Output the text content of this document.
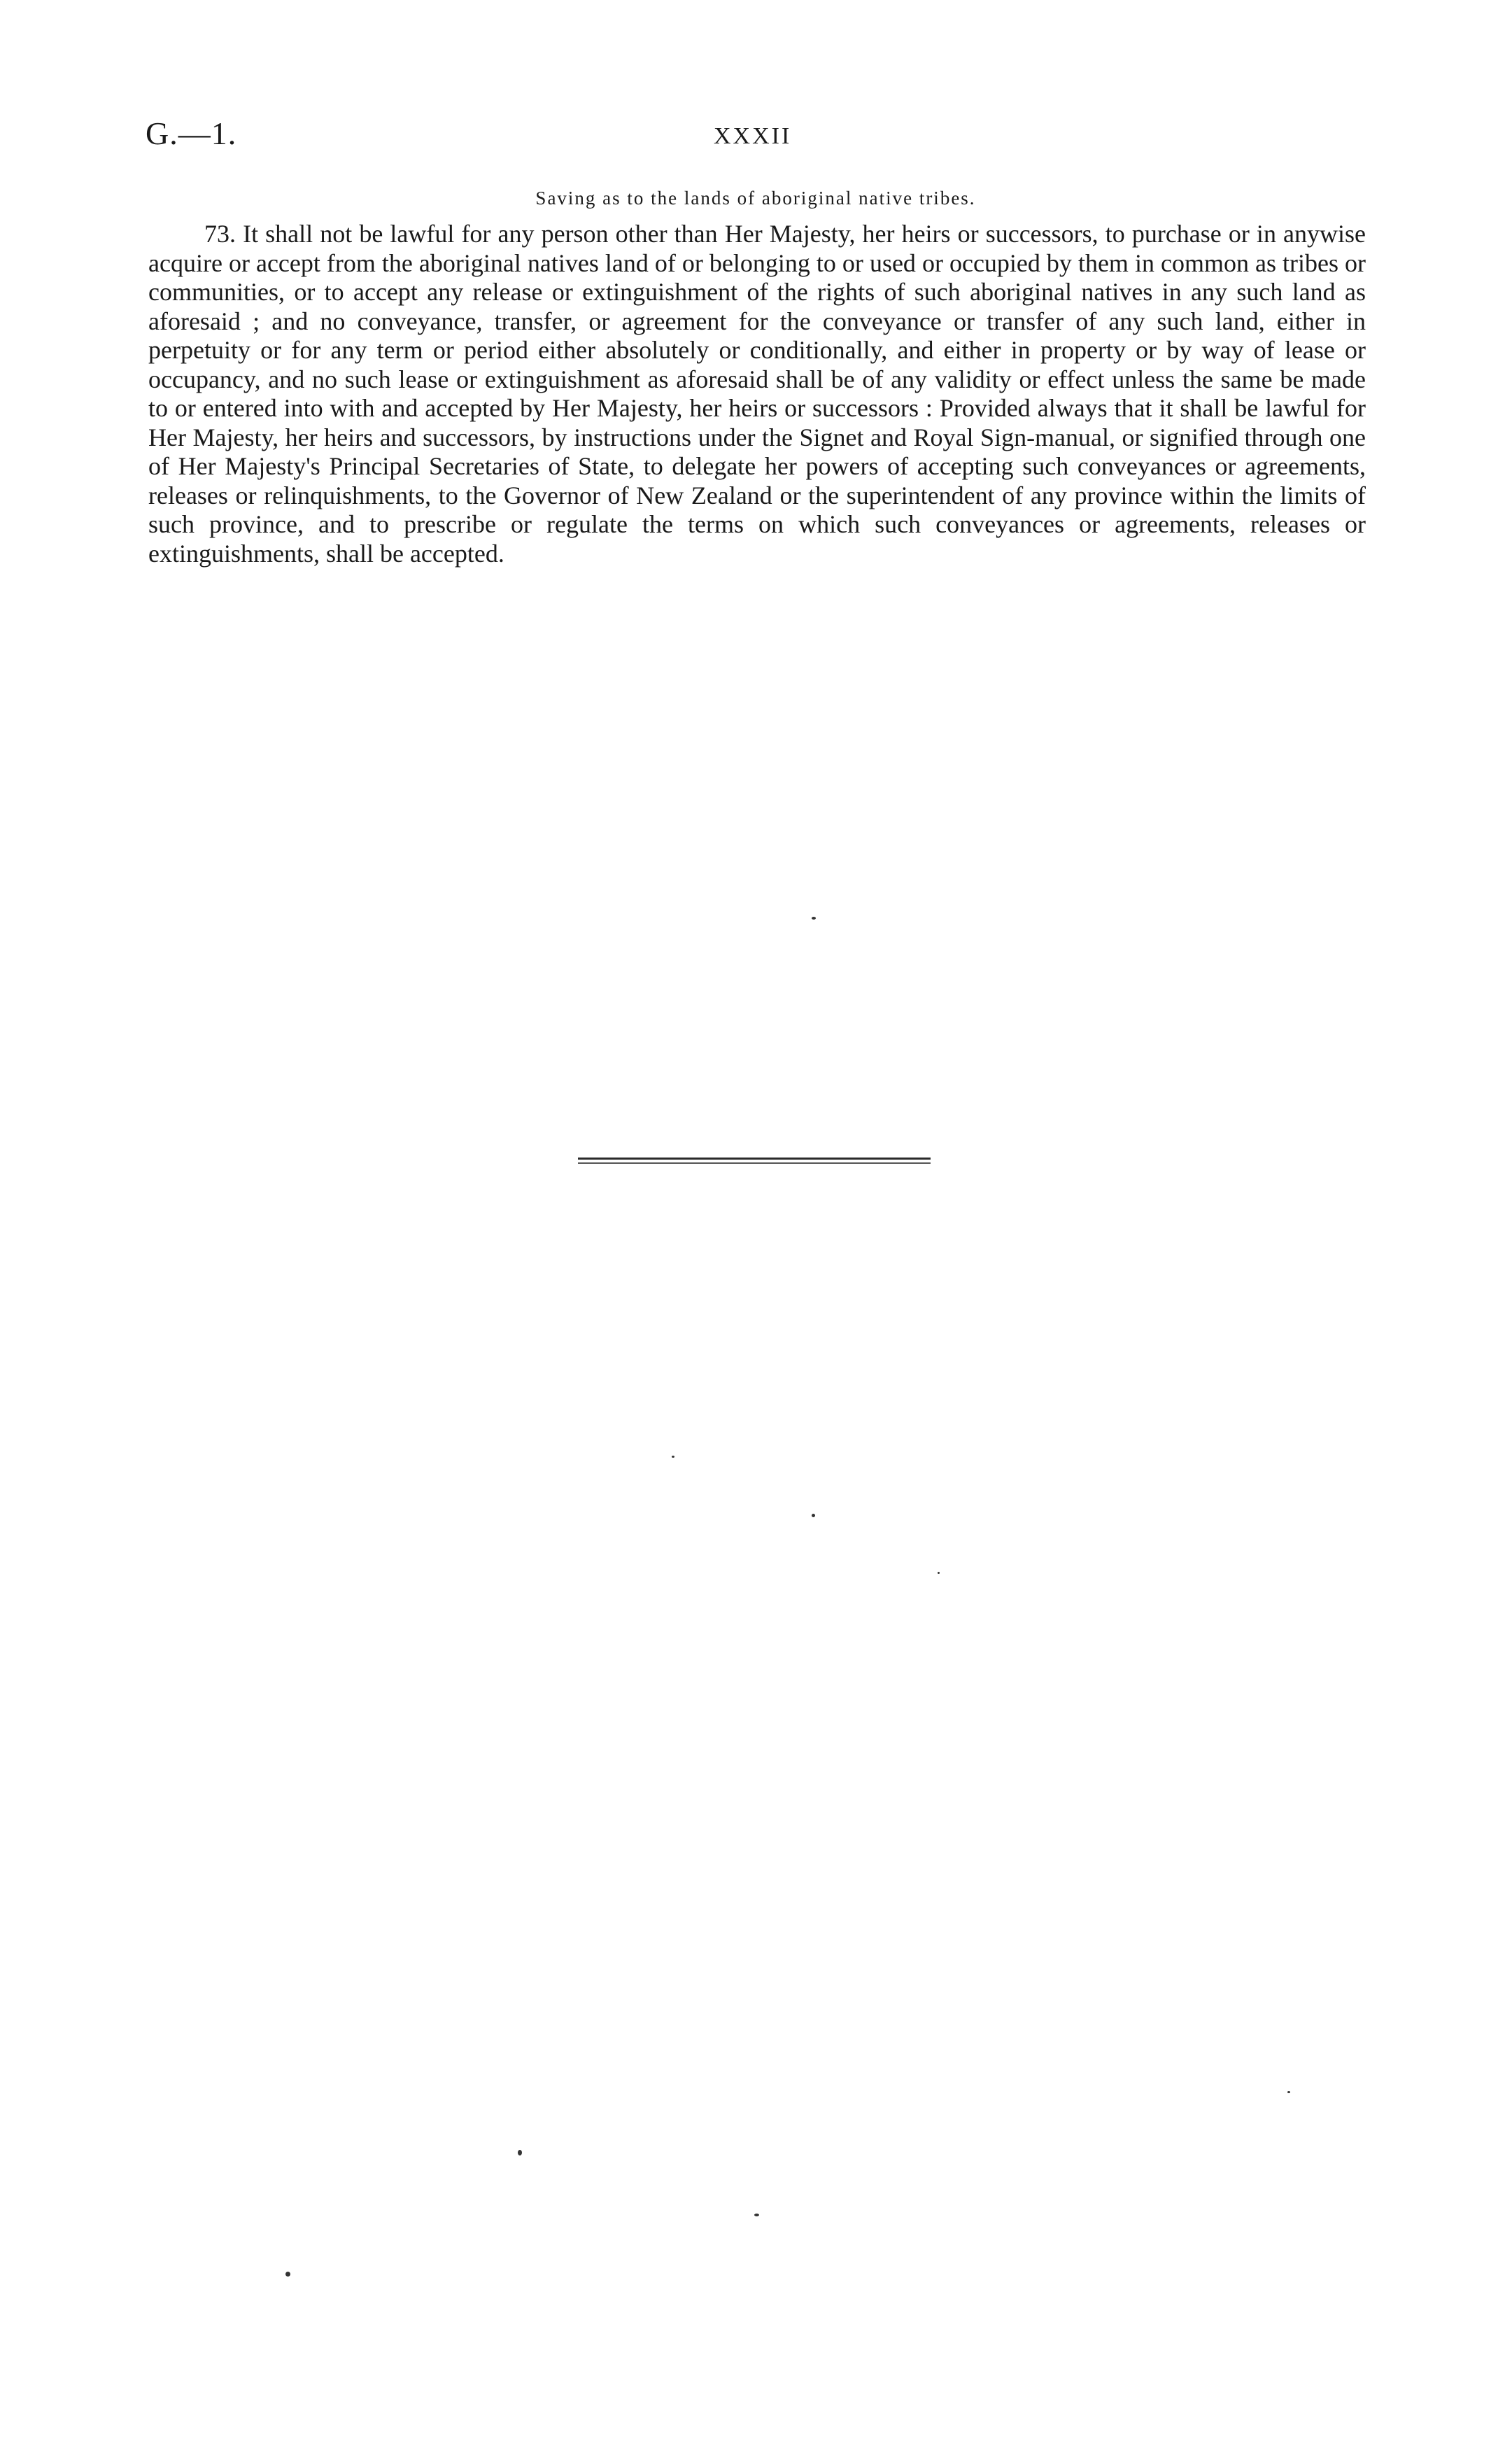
G.—1.	XXXII
Saving as to the lands of aboriginal native tribes.

73. It shall not be lawful for any person other than Her Majesty, her heirs or successors, to purchase or in anywise acquire or accept from the aboriginal natives land of or belonging to or used or occupied by them in common as tribes or communities, or to accept any release or extinguishment of the rights of such aboriginal natives in any such land as aforesaid ; and no conveyance, transfer, or agreement for the conveyance or transfer of any such land, either in perpetuity or for any term or period either absolutely or conditionally, and either in property or by way of lease or occupancy, and no such lease or extinguishment as aforesaid shall be of any validity or effect unless the same be made to or entered into with and accepted by Her Majesty, her heirs or successors : Provided always that it shall be lawful for Her Majesty, her heirs and successors, by instructions under the Signet and Royal Sign-manual, or signified through one of Her Majesty's Principal Secretaries of State, to delegate her powers of accepting such conveyances or agreements, releases or relinquishments, to the Governor of New Zealand or the superintendent of any province within the limits of such province, and to prescribe or regulate the terms on which such conveyances or agreements, releases or extinguishments, shall be accepted.
